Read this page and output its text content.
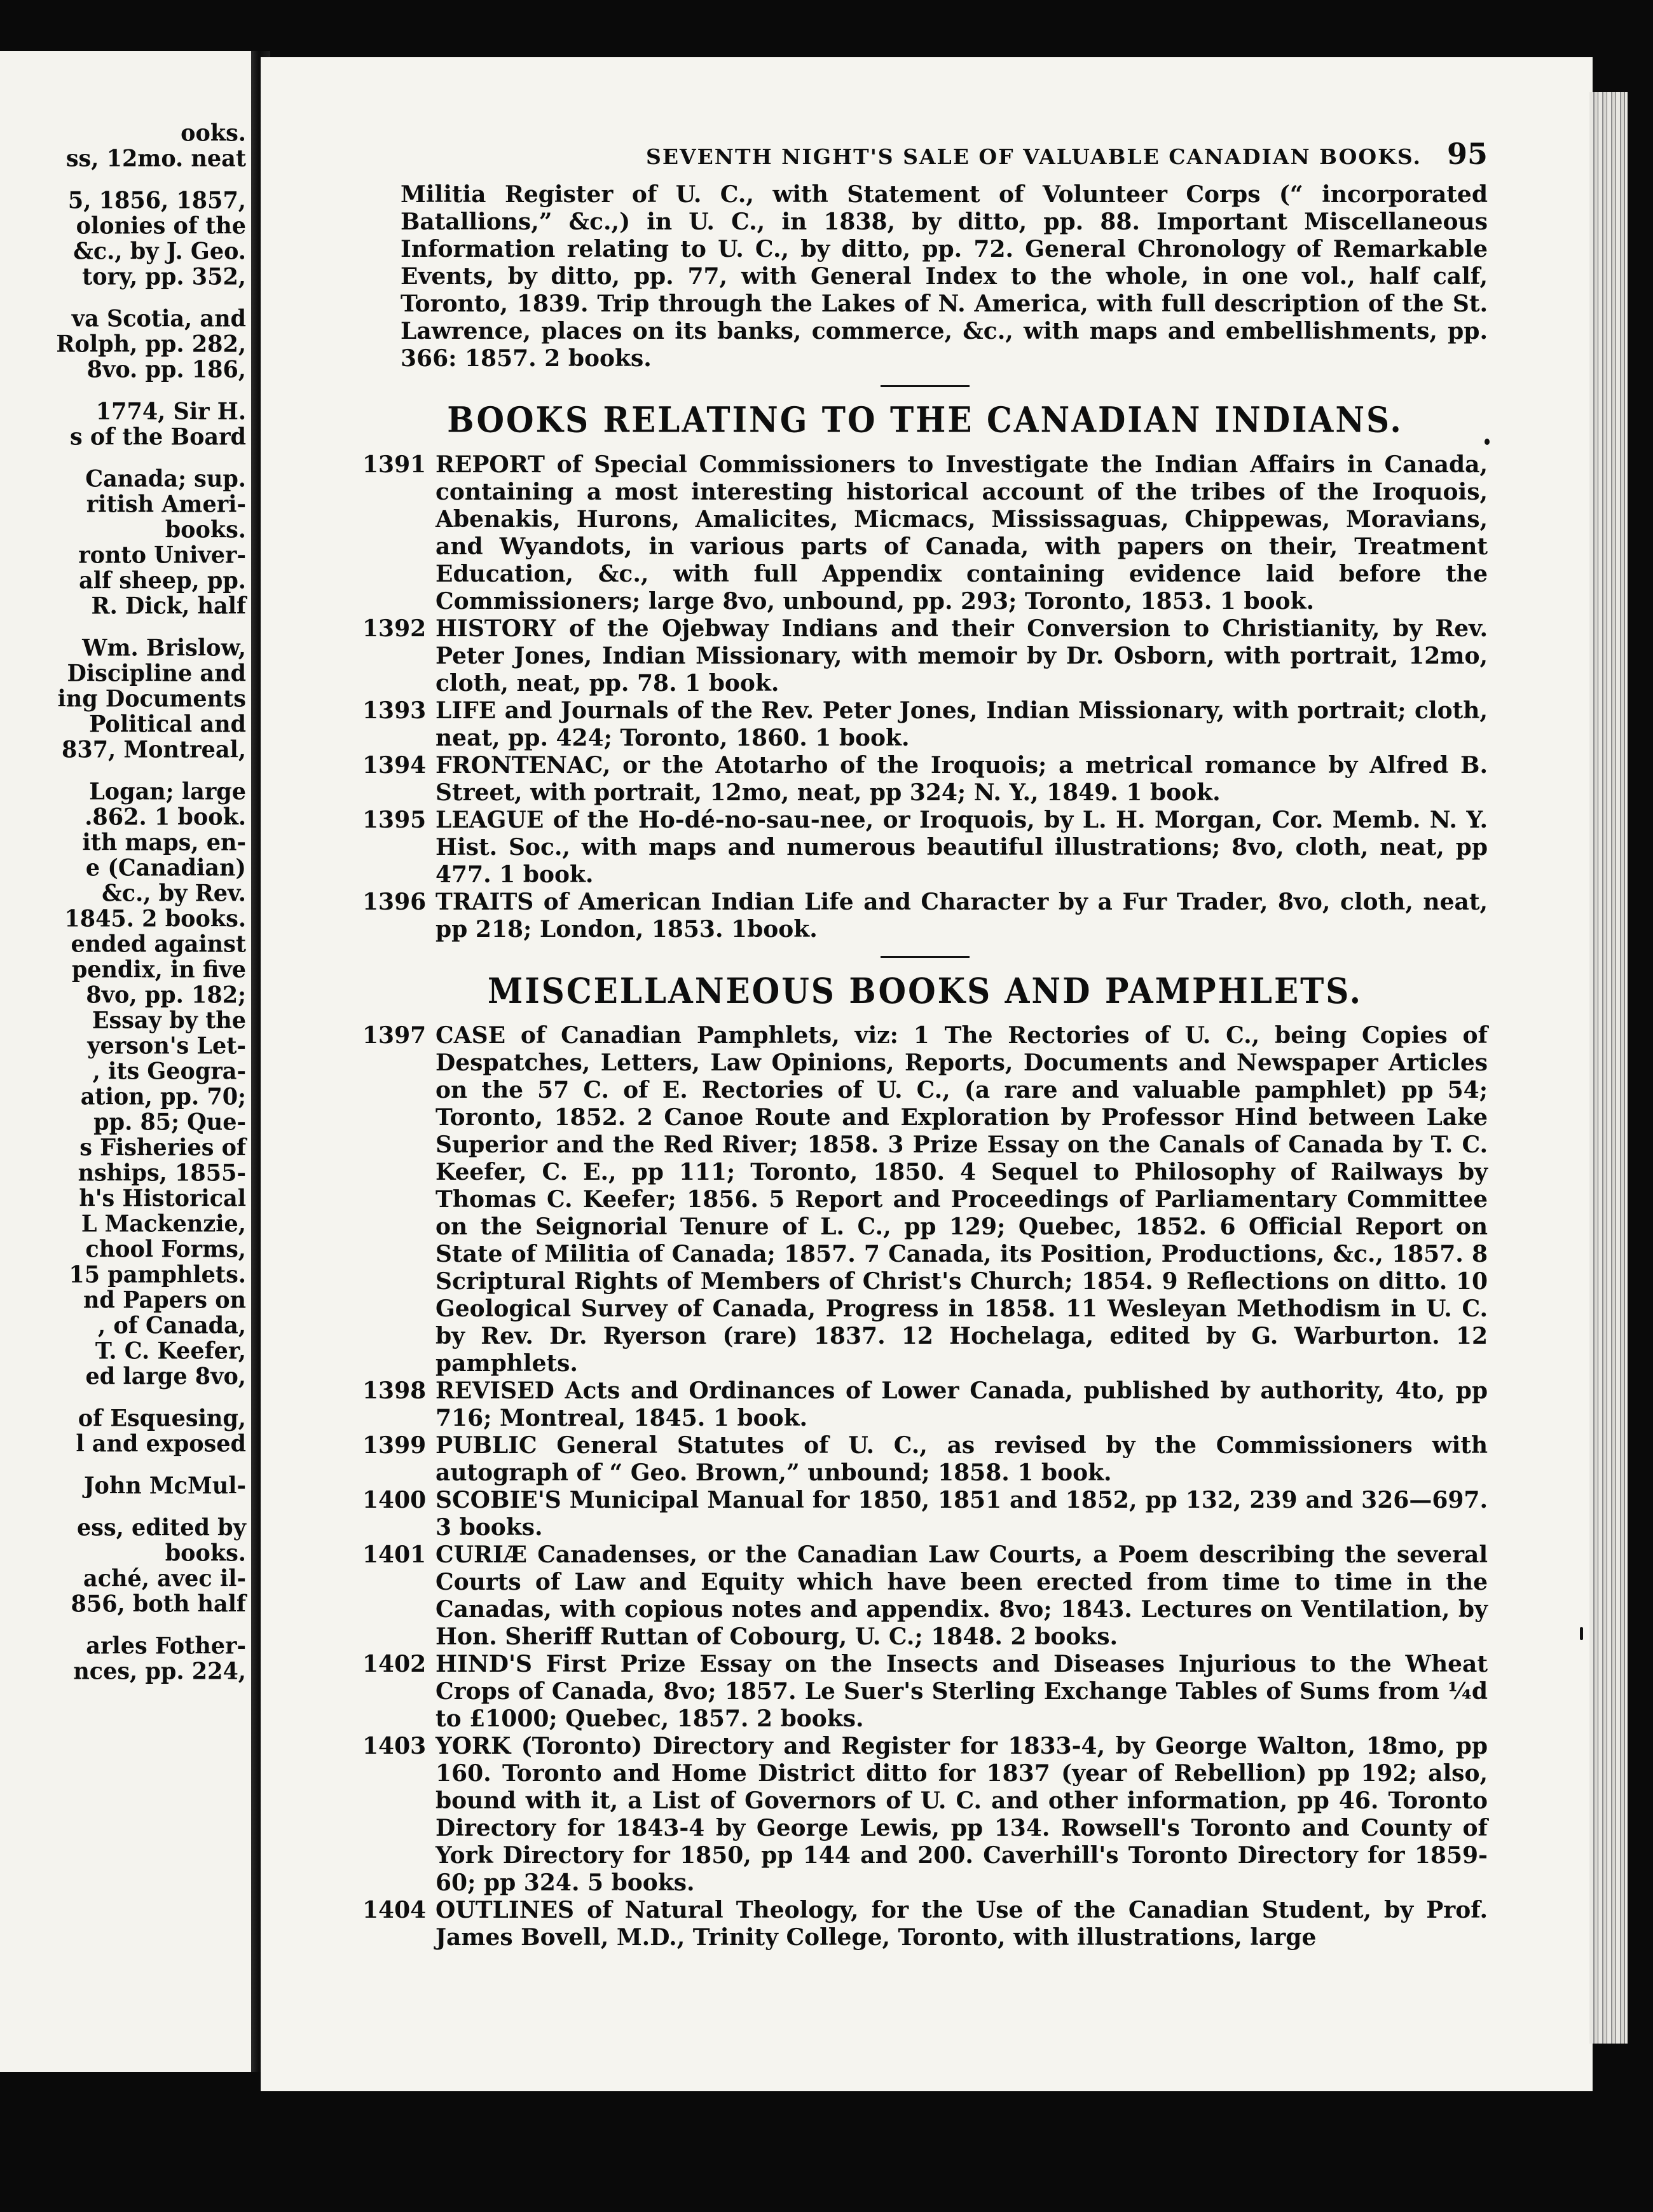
ooks.
ss, 12mo. neat
5, 1856, 1857,
olonies of the
&c., by J. Geo.
tory, pp. 352,
va Scotia, and
Rolph, pp. 282,
8vo. pp. 186,
1774, Sir H.
s of the Board
Canada; sup.
ritish Ameri-
books.
ronto Univer-
alf sheep, pp.
R. Dick, half
Wm. Brislow,
Discipline and
ing Documents
Political and
837, Montreal,
Logan; large
.862. 1 book.
ith maps, en-
e (Canadian)
&c., by Rev.
1845. 2 books.
ended against
pendix, in five
8vo, pp. 182;
Essay by the
yerson's Let-
, its Geogra-
ation, pp. 70;
pp. 85; Que-
s Fisheries of
nships, 1855-
h's Historical
L Mackenzie,
chool Forms,
15 pamphlets.
nd Papers on
, of Canada,
T. C. Keefer,
ed large 8vo,
of Esquesing,
l and exposed
John McMul-
ess, edited by
books.
aché, avec il-
856, both half
arles Fother-
nces, pp. 224,
SEVENTH NIGHT'S SALE OF VALUABLE CANADIAN BOOKS. 95
Militia Register of U. C., with Statement of Volunteer Corps (“ incorporated Batallions,” &c.,) in U. C., in 1838, by ditto, pp. 88. Important Miscellaneous Information relating to U. C., by ditto, pp. 72. General Chronology of Remarkable Events, by ditto, pp. 77, with General Index to the whole, in one vol., half calf, Toronto, 1839. Trip through the Lakes of N. America, with full description of the St. Lawrence, places on its banks, commerce, &c., with maps and embellishments, pp. 366: 1857. 2 books.
BOOKS RELATING TO THE CANADIAN INDIANS.
1391 REPORT of Special Commissioners to Investigate the Indian Affairs in Canada, containing a most interesting historical account of the tribes of the Iroquois, Abenakis, Hurons, Amalicites, Micmacs, Mississaguas, Chippewas, Moravians, and Wyandots, in various parts of Canada, with papers on their, Treatment Education, &c., with full Appendix containing evidence laid before the Commissioners; large 8vo, unbound, pp. 293; Toronto, 1853. 1 book.
1392 HISTORY of the Ojebway Indians and their Conversion to Christianity, by Rev. Peter Jones, Indian Missionary, with memoir by Dr. Osborn, with portrait, 12mo, cloth, neat, pp. 78. 1 book.
1393 LIFE and Journals of the Rev. Peter Jones, Indian Missionary, with portrait; cloth, neat, pp. 424; Toronto, 1860. 1 book.
1394 FRONTENAC, or the Atotarho of the Iroquois; a metrical romance by Alfred B. Street, with portrait, 12mo, neat, pp 324; N. Y., 1849. 1 book.
1395 LEAGUE of the Ho-dé-no-sau-nee, or Iroquois, by L. H. Morgan, Cor. Memb. N. Y. Hist. Soc., with maps and numerous beautiful illustrations; 8vo, cloth, neat, pp 477. 1 book.
1396 TRAITS of American Indian Life and Character by a Fur Trader, 8vo, cloth, neat, pp 218; London, 1853. 1book.
MISCELLANEOUS BOOKS AND PAMPHLETS.
1397 CASE of Canadian Pamphlets, viz: 1 The Rectories of U. C., being Copies of Despatches, Letters, Law Opinions, Reports, Documents and Newspaper Articles on the 57 C. of E. Rectories of U. C., (a rare and valuable pamphlet) pp 54; Toronto, 1852. 2 Canoe Route and Exploration by Professor Hind between Lake Superior and the Red River; 1858. 3 Prize Essay on the Canals of Canada by T. C. Keefer, C. E., pp 111; Toronto, 1850. 4 Sequel to Philosophy of Railways by Thomas C. Keefer; 1856. 5 Report and Proceedings of Parliamentary Committee on the Seignorial Tenure of L. C., pp 129; Quebec, 1852. 6 Official Report on State of Militia of Canada; 1857. 7 Canada, its Position, Productions, &c., 1857. 8 Scriptural Rights of Members of Christ's Church; 1854. 9 Reflections on ditto. 10 Geological Survey of Canada, Progress in 1858. 11 Wesleyan Methodism in U. C. by Rev. Dr. Ryerson (rare) 1837. 12 Hochelaga, edited by G. Warburton. 12 pamphlets.
1398 REVISED Acts and Ordinances of Lower Canada, published by authority, 4to, pp 716; Montreal, 1845. 1 book.
1399 PUBLIC General Statutes of U. C., as revised by the Commissioners with autograph of “ Geo. Brown,” unbound; 1858. 1 book.
1400 SCOBIE'S Municipal Manual for 1850, 1851 and 1852, pp 132, 239 and 326—697. 3 books.
1401 CURIÆ Canadenses, or the Canadian Law Courts, a Poem describing the several Courts of Law and Equity which have been erected from time to time in the Canadas, with copious notes and appendix. 8vo; 1843. Lectures on Ventilation, by Hon. Sheriff Ruttan of Cobourg, U. C.; 1848. 2 books.
1402 HIND'S First Prize Essay on the Insects and Diseases Injurious to the Wheat Crops of Canada, 8vo; 1857. Le Suer's Sterling Exchange Tables of Sums from ¼d to £1000; Quebec, 1857. 2 books.
1403 YORK (Toronto) Directory and Register for 1833-4, by George Walton, 18mo, pp 160. Toronto and Home District ditto for 1837 (year of Rebellion) pp 192; also, bound with it, a List of Governors of U. C. and other information, pp 46. Toronto Directory for 1843-4 by George Lewis, pp 134. Rowsell's Toronto and County of York Directory for 1850, pp 144 and 200. Caverhill's Toronto Directory for 1859-60; pp 324. 5 books.
1404 OUTLINES of Natural Theology, for the Use of the Canadian Student, by Prof. James Bovell, M.D., Trinity College, Toronto, with illustrations, large
